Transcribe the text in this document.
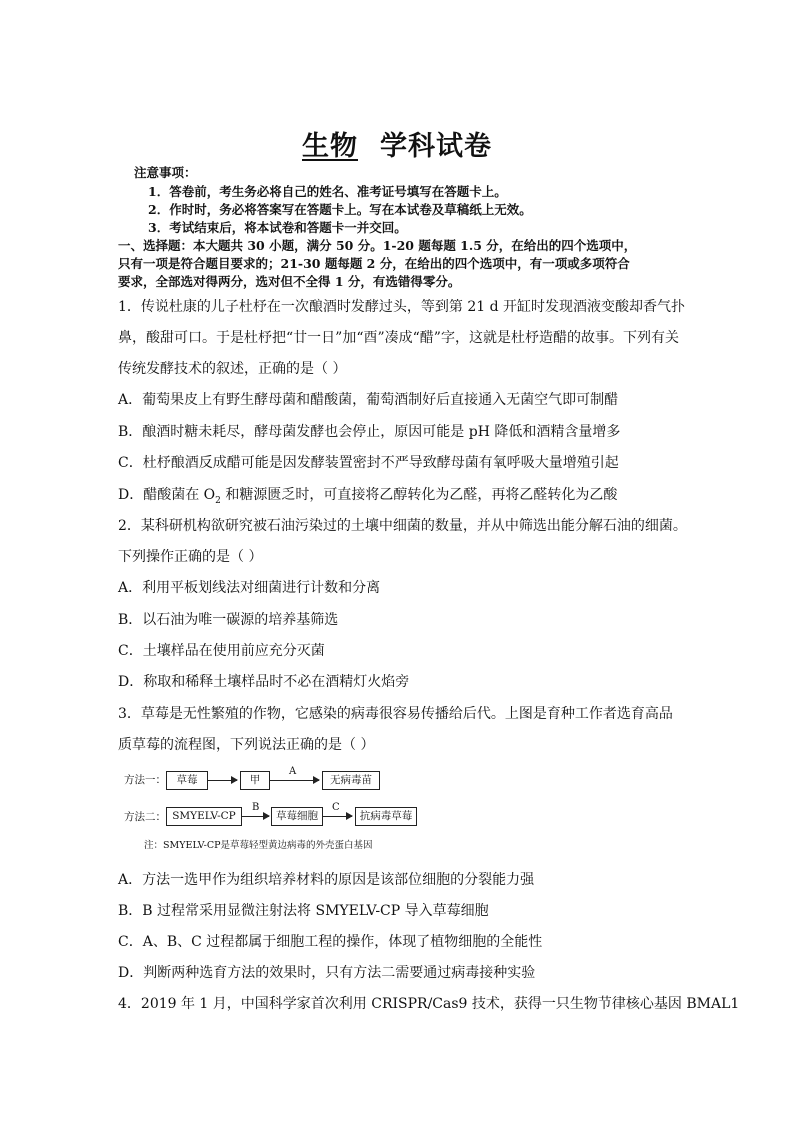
生物 学科试卷
注意事项：
1．答卷前，考生务必将自己的姓名、准考证号填写在答题卡上。
2．作时时，务必将答案写在答题卡上。写在本试卷及草稿纸上无效。
3．考试结束后，将本试卷和答题卡一并交回。
一、选择题：本大题共 30 小题，满分 50 分。1-20 题每题 1.5 分，在给出的四个选项中，
只有一项是符合题目要求的；21-30 题每题 2 分，在给出的四个选项中，有一项或多项符合
要求，全部选对得两分，选对但不全得 1 分，有选错得零分。
1．传说杜康的儿子杜杼在一次酿酒时发酵过头，等到第 21 d 开缸时发现酒液变酸却香气扑
鼻，酸甜可口。于是杜杼把“廿一日”加“酉”凑成“醋”字，这就是杜杼造醋的故事。下列有关
传统发酵技术的叙述，正确的是（ ）
A．葡萄果皮上有野生酵母菌和醋酸菌，葡萄酒制好后直接通入无菌空气即可制醋
B．酿酒时糖未耗尽，酵母菌发酵也会停止，原因可能是 pH 降低和酒精含量增多
C．杜杼酿酒反成醋可能是因发酵装置密封不严导致酵母菌有氧呼吸大量增殖引起
D．醋酸菌在 $O_2$ 和糖源匮乏时，可直接将乙醇转化为乙醛，再将乙醛转化为乙酸
2．某科研机构欲研究被石油污染过的土壤中细菌的数量，并从中筛选出能分解石油的细菌。
下列操作正确的是（ ）
A．利用平板划线法对细菌进行计数和分离
B．以石油为唯一碳源的培养基筛选
C．土壤样品在使用前应充分灭菌
D．称取和稀释土壤样品时不必在酒精灯火焰旁
3．草莓是无性繁殖的作物，它感染的病毒很容易传播给后代。上图是育种工作者选育高品
质草莓的流程图，下列说法正确的是（ ）
方法一：	草莓	甲
A
无病毒苗
方法二： SMYELV-CP
B
草莓细胞
C
抗病毒草莓
注：SMYELV-CP是草莓轻型黄边病毒的外壳蛋白基因
A．方法一选甲作为组织培养材料的原因是该部位细胞的分裂能力强
B．B 过程常采用显微注射法将 SMYELV-CP 导入草莓细胞
C．A、B、C 过程都属于细胞工程的操作，体现了植物细胞的全能性
D．判断两种选育方法的效果时，只有方法二需要通过病毒接种实验
4．2019 年 1 月，中国科学家首次利用 CRISPR/Cas9 技术，获得一只生物节律核心基因 BMAL1
